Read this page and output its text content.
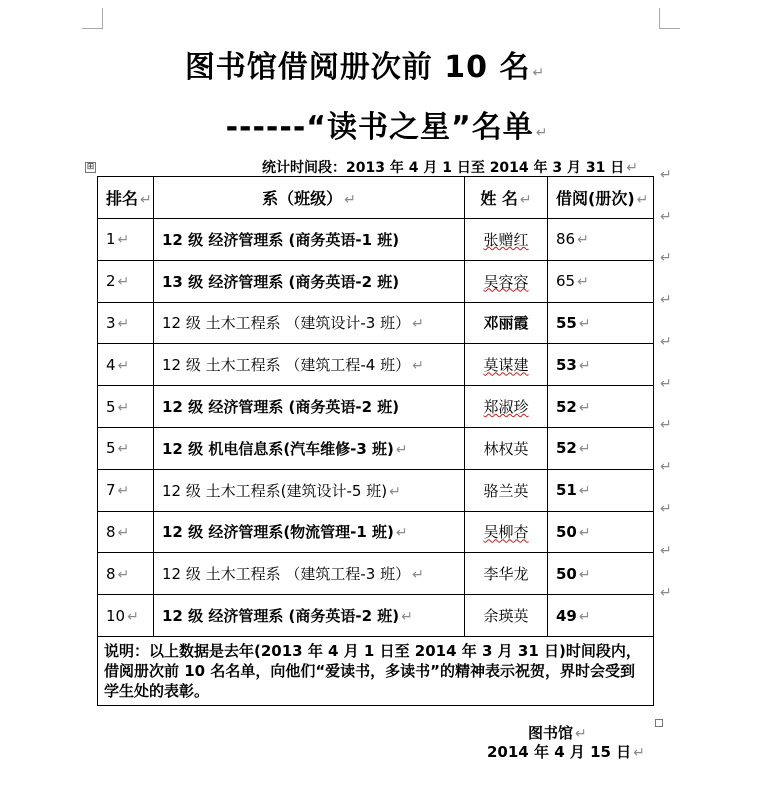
图书馆借阅册次前 10 名 ↵
------“读书之星”名单 ↵
⊞	统计时间段：2013 年 4 月 1 日至 2014 年 3 月 31 日 ↵
排名 ↵	系（班级） ↵	姓 名 ↵	借阅(册次) ↵	↵

1 ↵	12 级 经济管理系 (商务英语-1 班)	张赠红	86 ↵	↵

2 ↵	13 级 经济管理系 (商务英语-2 班)	吴容容	65 ↵	↵

3 ↵	12 级 土木工程系 （建筑设计-3 班） ↵	邓丽霞	55 ↵	↵

4 ↵	12 级 土木工程系 （建筑工程-4 班） ↵	莫谋建	53 ↵	↵

5 ↵	12 级 经济管理系 (商务英语-2 班)	郑淑珍	52 ↵	↵

5 ↵	12 级 机电信息系(汽车维修-3 班) ↵	林权英	52 ↵	↵

7 ↵	12 级 土木工程系(建筑设计-5 班) ↵	骆兰英	51 ↵	↵

8 ↵	12 级 经济管理系(物流管理-1 班) ↵	吴柳杏	50 ↵	↵

8 ↵	12 级 土木工程系 （建筑工程-3 班） ↵	李华龙	50 ↵	↵

10 ↵	12 级 经济管理系 (商务英语-2 班) ↵	余瑛英	49 ↵	↵

说明：以上数据是去年(2013 年 4 月 1 日至 2014 年 3 月 31 日)时间段内，借阅册次前 10 名名单，向他们“爱读书，多读书”的精神表示祝贺，界时会受到学生处的表彰。				
图书馆 ↵
2014 年 4 月 15 日 ↵
